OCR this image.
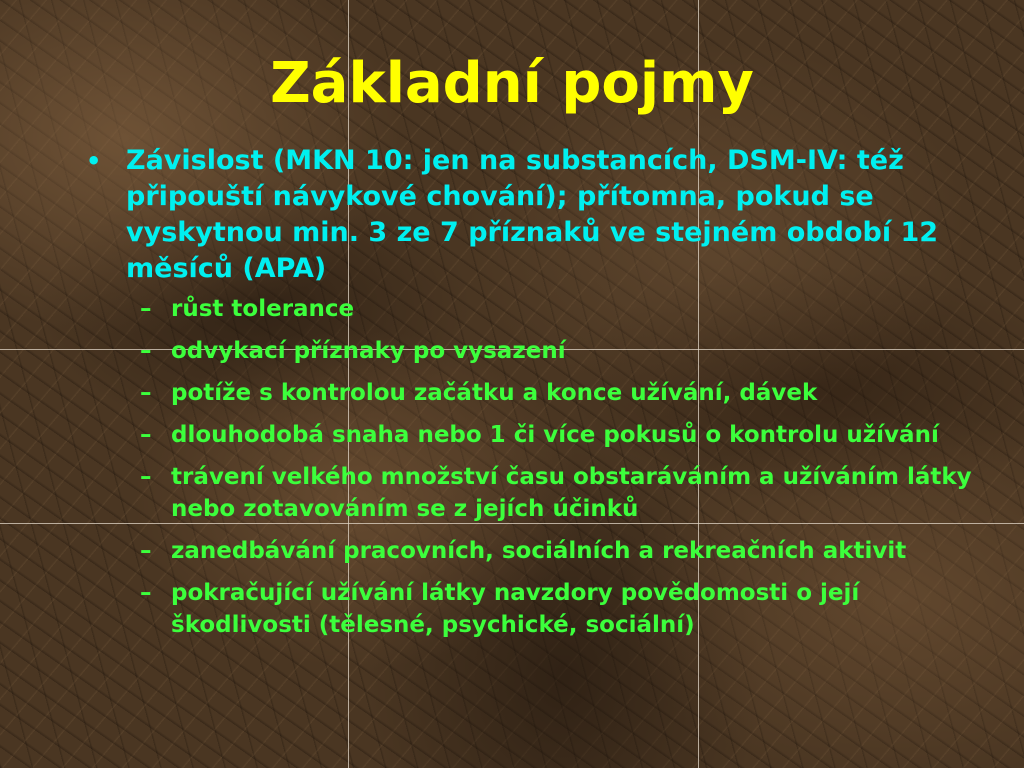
Základní pojmy
• Závislost (MKN 10: jen na substancích, DSM-IV: též připouští návykové chování); přítomna, pokud se vyskytnou min. 3 ze 7 příznaků ve stejném období 12 měsíců (APA)
– růst tolerance
– odvykací příznaky po vysazení
– potíže s kontrolou začátku a konce užívání, dávek
– dlouhodobá snaha nebo 1 či více pokusů o kontrolu užívání
– trávení velkého množství času obstaráváním a užíváním látky nebo zotavováním se z jejích účinků
– zanedbávání pracovních, sociálních a rekreačních aktivit
– pokračující užívání látky navzdory povědomosti o její škodlivosti (tělesné, psychické, sociální)
